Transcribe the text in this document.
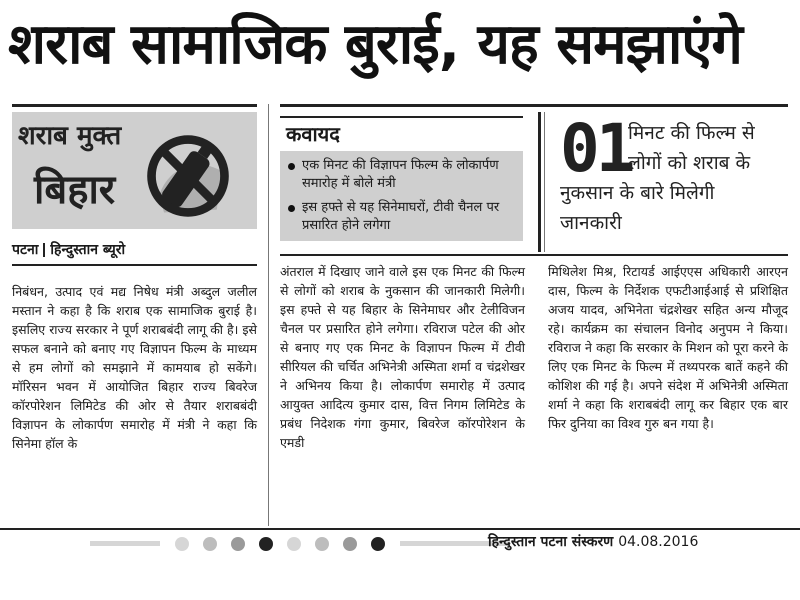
शराब सामाजिक बुराई, यह समझाएंगे
शराब मुक्त
बिहार
पटना हिन्दुस्तान ब्यूरो
कवायद
एक मिनट की विज्ञापन फिल्म के लोकार्पण समारोह में बोले मंत्री
इस हफ्ते से यह सिनेमाघरों, टीवी चैनल पर प्रसारित होने लगेगा
01
मिनट की फिल्म से
लोगों को शराब के
नुकसान के बारे मिलेगी
जानकारी

निबंधन, उत्पाद एवं मद्य निषेध मंत्री अब्दुल जलील मस्तान ने कहा है कि शराब एक सामाजिक बुराई है। इसलिए राज्य सरकार ने पूर्ण शराबबंदी लागू की है। इसे सफल बनाने को बनाए गए विज्ञापन फिल्म के माध्यम से हम लोगों को समझाने में कामयाब हो सकेंगे। मॉरिसन भवन में आयोजित बिहार राज्य बिवरेज कॉरपोरेशन लिमिटेड की ओर से तैयार शराबबंदी विज्ञापन के लोकार्पण समारोह में मंत्री ने कहा कि सिनेमा हॉल के

अंतराल में दिखाए जाने वाले इस एक मिनट की फिल्म से लोगों को शराब के नुकसान की जानकारी मिलेगी। इस हफ्ते से यह बिहार के सिनेमाघर और टेलीविजन चैनल पर प्रसारित होने लगेगा। रविराज पटेल की ओर से बनाए गए एक मिनट के विज्ञापन फिल्म में टीवी सीरियल की चर्चित अभिनेत्री अस्मिता शर्मा व चंद्रशेखर ने अभिनय किया है। लोकार्पण समारोह में उत्पाद आयुक्त आदित्य कुमार दास, वित्त निगम लिमिटेड के प्रबंध निदेशक गंगा कुमार, बिवरेज कॉरपोरेशन के एमडी

मिथिलेश मिश्र, रिटायर्ड आईएएस अधिकारी आरएन दास, फिल्म के निर्देशक एफटीआईआई से प्रशिक्षित अजय यादव, अभिनेता चंद्रशेखर सहित अन्य मौजूद रहे। कार्यक्रम का संचालन विनोद अनुपम ने किया। रविराज ने कहा कि सरकार के मिशन को पूरा करने के लिए एक मिनट के फिल्म में तथ्यपरक बातें कहने की कोशिश की गई है। अपने संदेश में अभिनेत्री अस्मिता शर्मा ने कहा कि शराबबंदी लागू कर बिहार एक बार फिर दुनिया का विश्व गुरु बन गया है।

हिन्दुस्तान पटना संस्करण 04.08.2016
